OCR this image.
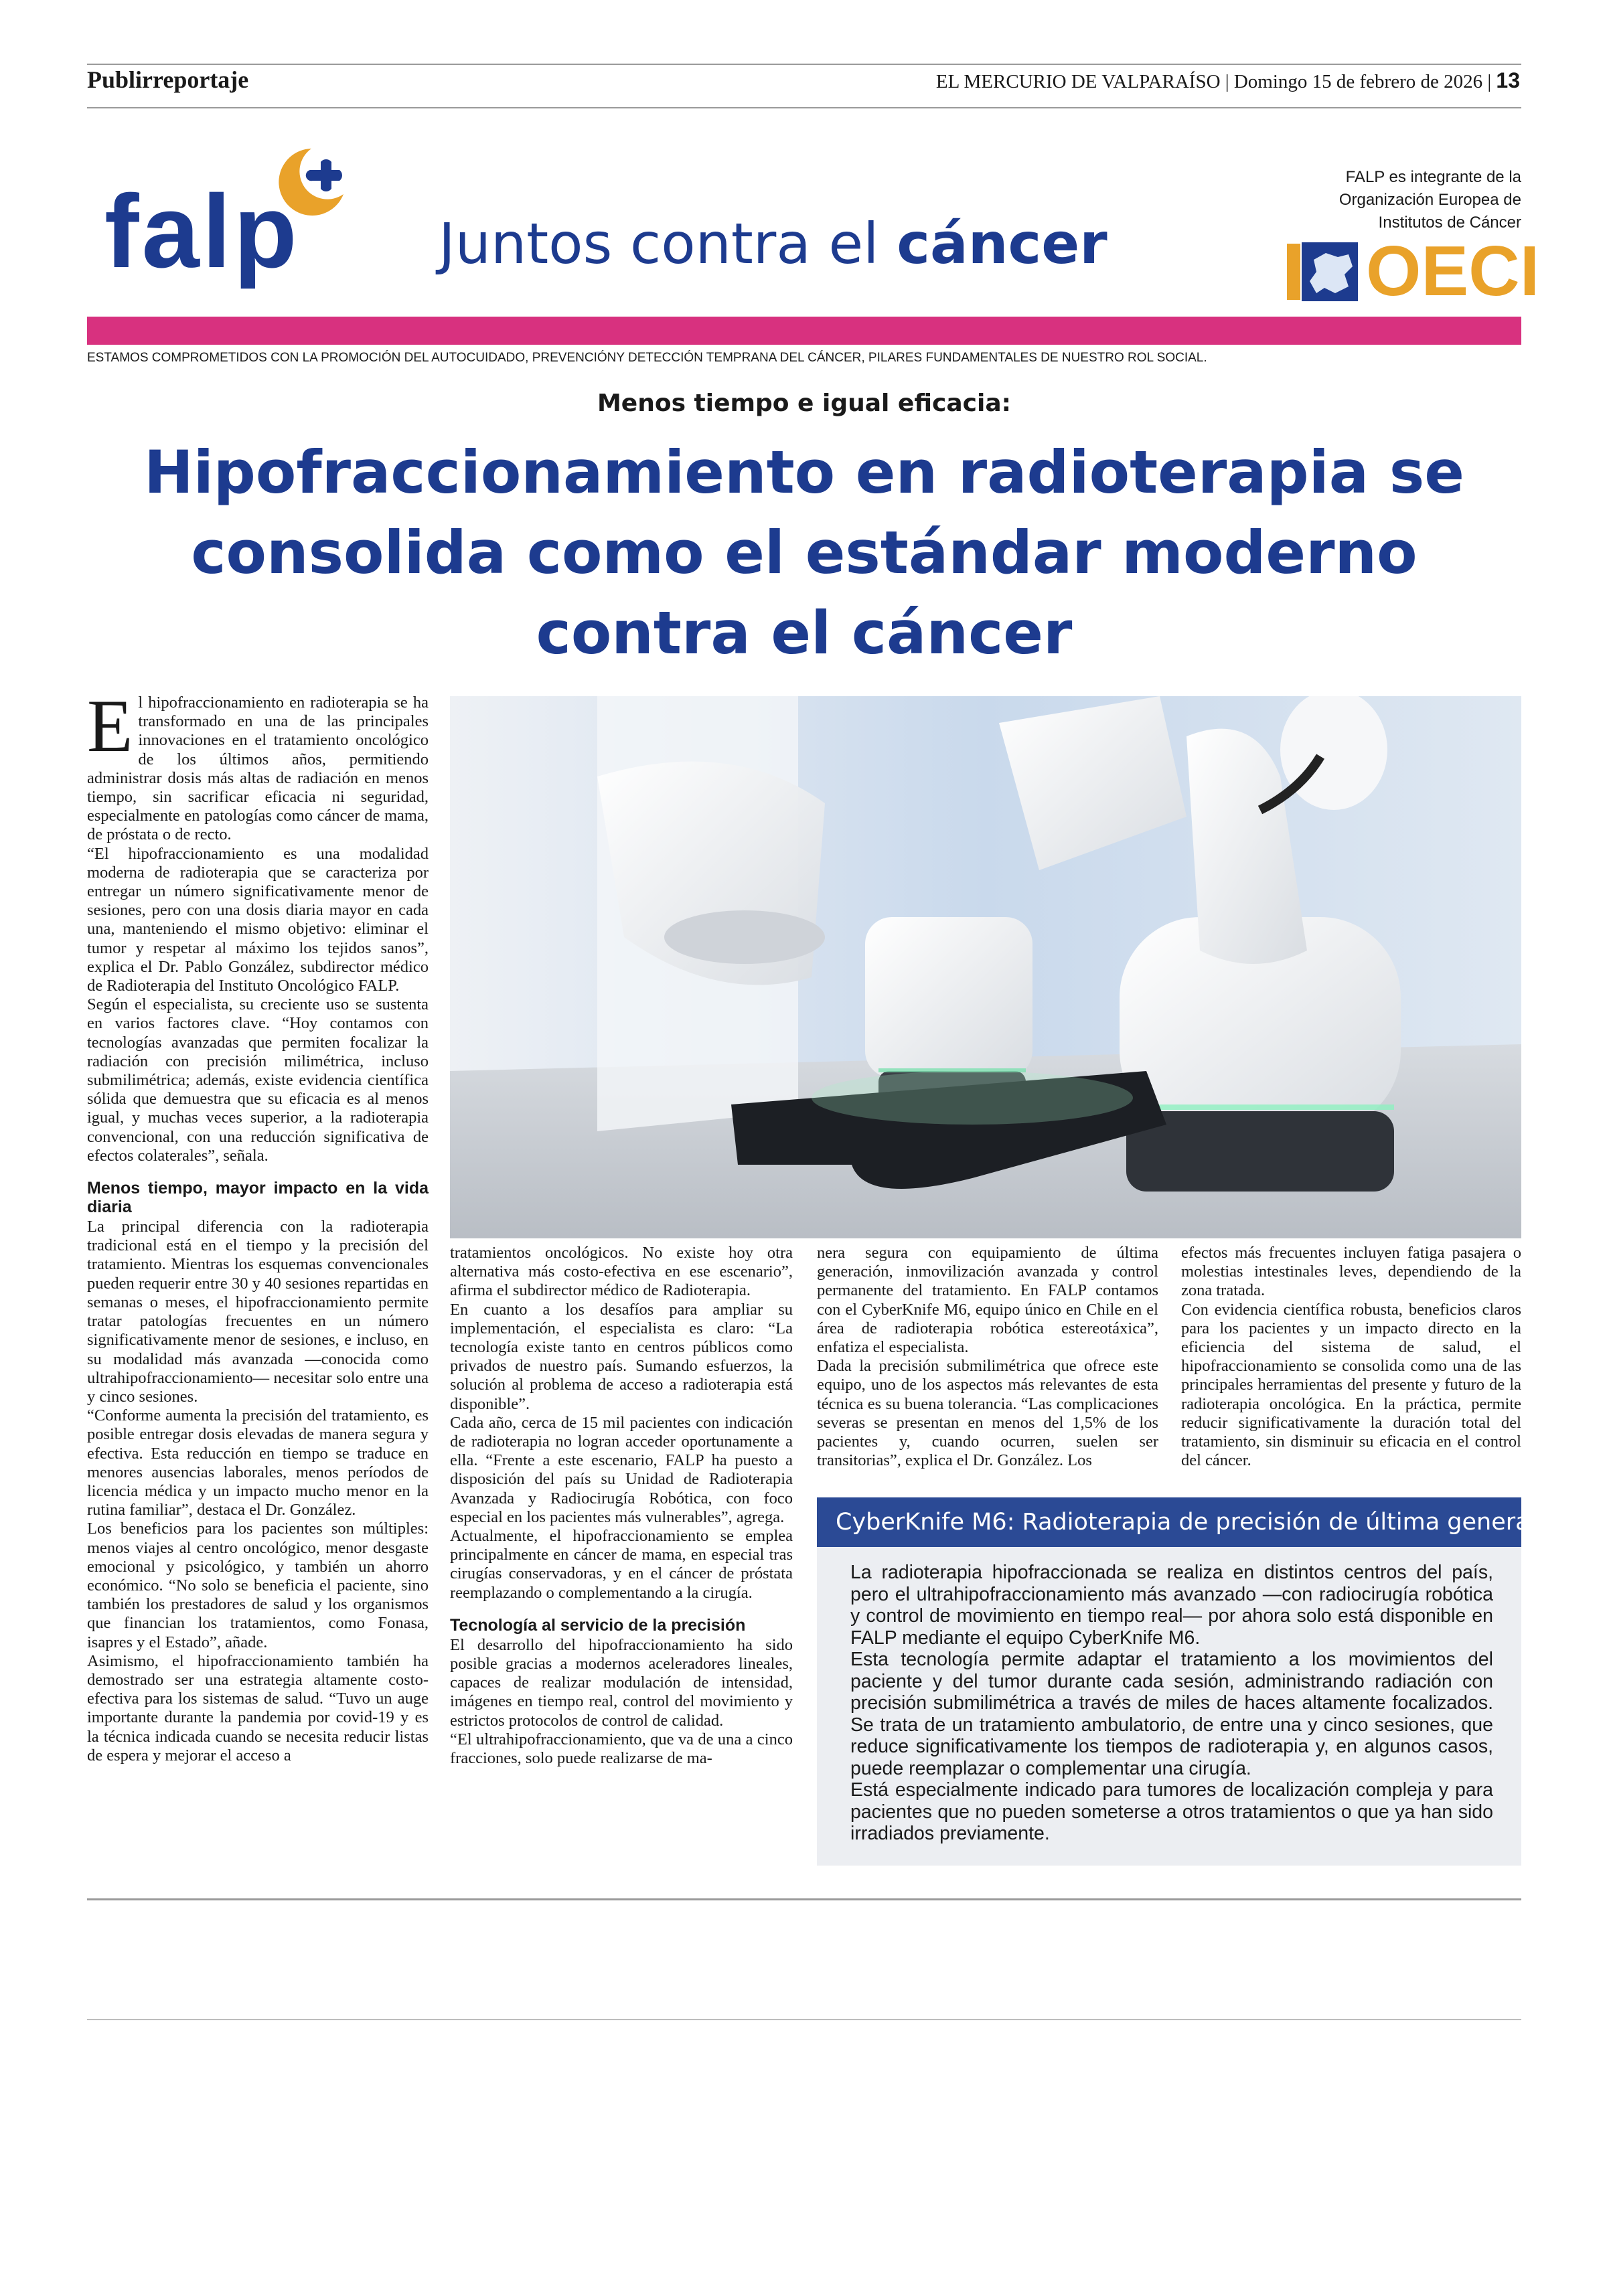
Publirreportaje	EL MERCURIO DE VALPARAÍSO | Domingo 15 de febrero de 2026 | 13
falp Juntos contra el cáncer
FALP es integrante de la Organización Europea de Institutos de Cáncer
OECI
ESTAMOS COMPROMETIDOS CON LA PROMOCIÓN DEL AUTOCUIDADO, PREVENCIÓNY DETECCIÓN TEMPRANA DEL CÁNCER, PILARES FUNDAMENTALES DE NUESTRO ROL SOCIAL.
Menos tiempo e igual eficacia:
Hipofraccionamiento en radioterapia se consolida como el estándar moderno contra el cáncer
E l hipofraccionamiento en radioterapia se ha transformado en una de las principales innovaciones en el tratamiento oncológico de los últimos años, permitiendo administrar dosis más altas de radiación en menos tiempo, sin sacrificar eficacia ni seguridad, especialmente en patologías como cáncer de mama, de próstata o de recto.

“El hipofraccionamiento es una modalidad moderna de radioterapia que se caracteriza por entregar un número significativamente menor de sesiones, pero con una dosis diaria mayor en cada una, manteniendo el mismo objetivo: eliminar el tumor y respetar al máximo los tejidos sanos”, explica el Dr. Pablo González, subdirector médico de Radioterapia del Instituto Oncológico FALP.

Según el especialista, su creciente uso se sustenta en varios factores clave. “Hoy contamos con tecnologías avanzadas que permiten focalizar la radiación con precisión milimétrica, incluso submilimétrica; además, existe evidencia científica sólida que demuestra que su eficacia es al menos igual, y muchas veces superior, a la radioterapia convencional, con una reducción significativa de efectos colaterales”, señala.

Menos tiempo, mayor impacto en la vida diaria

La principal diferencia con la radioterapia tradicional está en el tiempo y la precisión del tratamiento. Mientras los esquemas convencionales pueden requerir entre 30 y 40 sesiones repartidas en semanas o meses, el hipofraccionamiento permite tratar patologías frecuentes en un número significativamente menor de sesiones, e incluso, en su modalidad más avanzada —conocida como ultrahipofraccionamiento— necesitar solo entre una y cinco sesiones.

“Conforme aumenta la precisión del tratamiento, es posible entregar dosis elevadas de manera segura y efectiva. Esta reducción en tiempo se traduce en menores ausencias laborales, menos períodos de licencia médica y un impacto mucho menor en la rutina familiar”, destaca el Dr. González.

Los beneficios para los pacientes son múltiples: menos viajes al centro oncológico, menor desgaste emocional y psicológico, y también un ahorro económico. “No solo se beneficia el paciente, sino también los prestadores de salud y los organismos que financian los tratamientos, como Fonasa, isapres y el Estado”, añade.

Asimismo, el hipofraccionamiento también ha demostrado ser una estrategia altamente costo-efectiva para los sistemas de salud. “Tuvo un auge importante durante la pandemia por covid-19 y es la técnica indicada cuando se necesita reducir listas de espera y mejorar el acceso a

tratamientos oncológicos. No existe hoy otra alternativa más costo-efectiva en ese escenario”, afirma el subdirector médico de Radioterapia.

En cuanto a los desafíos para ampliar su implementación, el especialista es claro: “La tecnología existe tanto en centros públicos como privados de nuestro país. Sumando esfuerzos, la solución al problema de acceso a radioterapia está disponible”.

Cada año, cerca de 15 mil pacientes con indicación de radioterapia no logran acceder oportunamente a ella. “Frente a este escenario, FALP ha puesto a disposición del país su Unidad de Radioterapia Avanzada y Radiocirugía Robótica, con foco especial en los pacientes más vulnerables”, agrega.

Actualmente, el hipofraccionamiento se emplea principalmente en cáncer de mama, en especial tras cirugías conservadoras, y en el cáncer de próstata reemplazando o complementando a la cirugía.

Tecnología al servicio de la precisión

El desarrollo del hipofraccionamiento ha sido posible gracias a modernos aceleradores lineales, capaces de realizar modulación de intensidad, imágenes en tiempo real, control del movimiento y estrictos protocolos de control de calidad.

“El ultrahipofraccionamiento, que va de una a cinco fracciones, solo puede realizarse de ma-

nera segura con equipamiento de última generación, inmovilización avanzada y control permanente del tratamiento. En FALP contamos con el CyberKnife M6, equipo único en Chile en el área de radioterapia robótica estereotáxica”, enfatiza el especialista.

Dada la precisión submilimétrica que ofrece este equipo, uno de los aspectos más relevantes de esta técnica es su buena tolerancia. “Las complicaciones severas se presentan en menos del 1,5% de los pacientes y, cuando ocurren, suelen ser transitorias”, explica el Dr. González. Los

efectos más frecuentes incluyen fatiga pasajera o molestias intestinales leves, dependiendo de la zona tratada.

Con evidencia científica robusta, beneficios claros para los pacientes y un impacto directo en la eficiencia del sistema de salud, el hipofraccionamiento se consolida como una de las principales herramientas del presente y futuro de la radioterapia oncológica. En la práctica, permite reducir significativamente la duración total del tratamiento, sin disminuir su eficacia en el control del cáncer.

CyberKnife M6: Radioterapia de precisión de última generación

La radioterapia hipofraccionada se realiza en distintos centros del país, pero el ultrahipofraccionamiento más avanzado —con radiocirugía robótica y control de movimiento en tiempo real— por ahora solo está disponible en FALP mediante el equipo CyberKnife M6.

Esta tecnología permite adaptar el tratamiento a los movimientos del paciente y del tumor durante cada sesión, administrando radiación con precisión submilimétrica a través de miles de haces altamente focalizados. Se trata de un tratamiento ambulatorio, de entre una y cinco sesiones, que reduce significativamente los tiempos de radioterapia y, en algunos casos, puede reemplazar o complementar una cirugía.

Está especialmente indicado para tumores de localización compleja y para pacientes que no pueden someterse a otros tratamientos o que ya han sido irradiados previamente.
